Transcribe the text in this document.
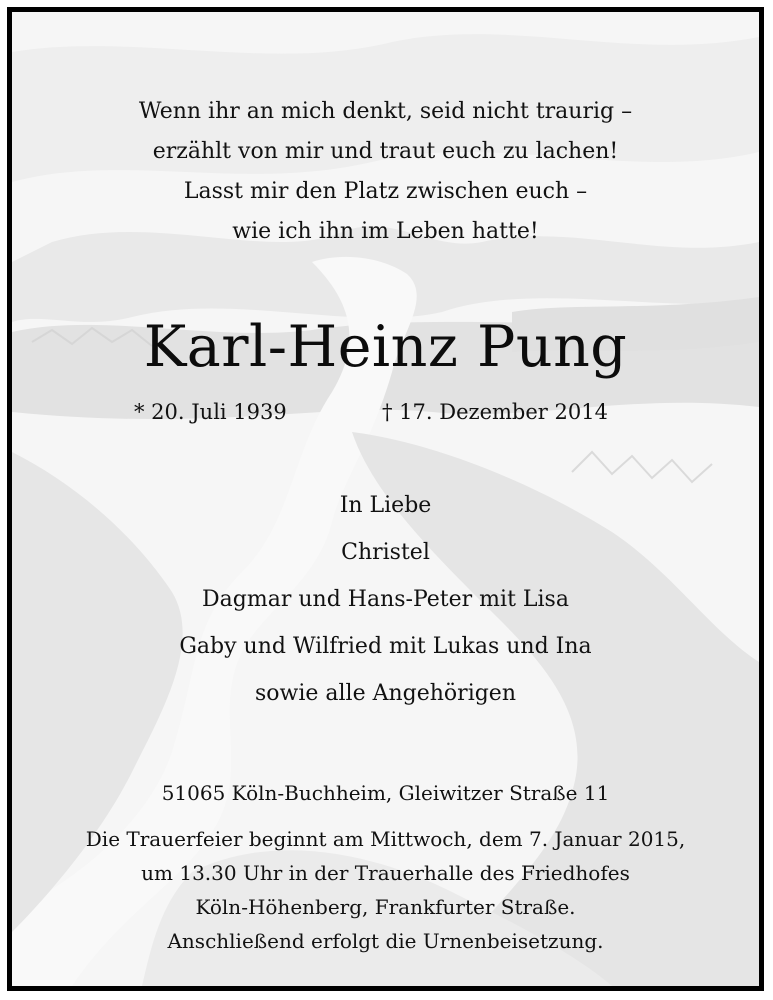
Wenn ihr an mich denkt, seid nicht traurig –
erzählt von mir und traut euch zu lachen!
Lasst mir den Platz zwischen euch –
wie ich ihn im Leben hatte!
Karl-Heinz Pung
* 20. Juli 1939	† 17. Dezember 2014
In Liebe
Christel
Dagmar und Hans-Peter mit Lisa
Gaby und Wilfried mit Lukas und Ina
sowie alle Angehörigen
51065 Köln-Buchheim, Gleiwitzer Straße 11
Die Trauerfeier beginnt am Mittwoch, dem 7. Januar 2015,
um 13.30 Uhr in der Trauerhalle des Friedhofes
Köln-Höhenberg, Frankfurter Straße.
Anschließend erfolgt die Urnenbeisetzung.
